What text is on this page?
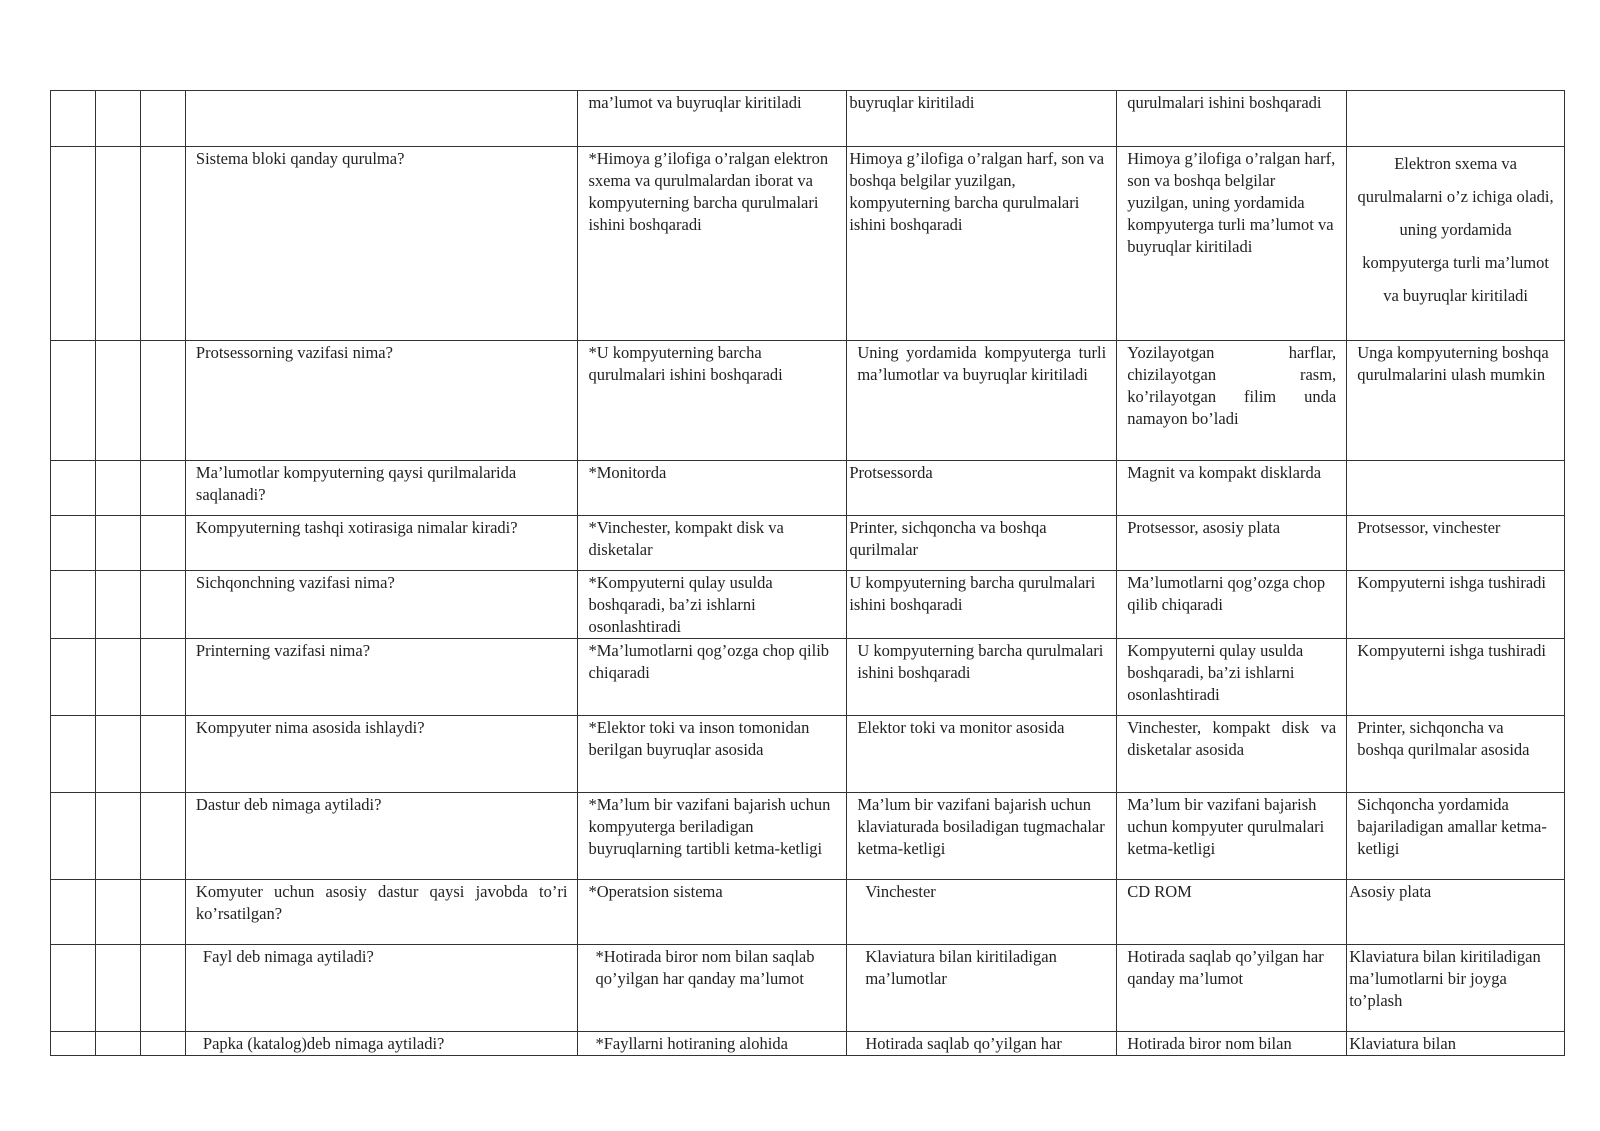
				ma’lumot va buyruqlar kiritiladi	buyruqlar kiritiladi	qurulmalari ishini boshqaradi	
			Sistema bloki qanday qurulma?	*Himoya g’ilofiga o’ralgan elektron sxema va qurulmalardan iborat va kompyuterning barcha qurulmalari ishini boshqaradi	Himoya g’ilofiga o’ralgan harf, son va boshqa belgilar yuzilgan, kompyuterning barcha qurulmalari ishini boshqaradi	Himoya g’ilofiga o’ralgan harf, son va boshqa belgilar yuzilgan, uning yordamida kompyuterga turli ma’lumot va buyruqlar kiritiladi	Elektron sxema va qurulmalarni o’z ichiga oladi, uning yordamida kompyuterga turli ma’lumot va buyruqlar kiritiladi
			Protsessorning vazifasi nima?	*U kompyuterning barcha qurulmalari ishini boshqaradi	Uning yordamida kompyuterga turli ma’lumotlar va buyruqlar kiritiladi	Yozilayotgan harflar, chizilayotgan rasm, ko’rilayotgan filim unda namayon bo’ladi	Unga kompyuterning boshqa qurulmalarini ulash mumkin
			Ma’lumotlar kompyuterning qaysi qurilmalarida saqlanadi?	*Monitorda	Protsessorda	Magnit va kompakt disklarda	
			Kompyuterning tashqi xotirasiga nimalar kiradi?	*Vinchester, kompakt disk va disketalar	Printer, sichqoncha va boshqa qurilmalar	Protsessor, asosiy plata	Protsessor, vinchester
			Sichqonchning vazifasi nima?	*Kompyuterni qulay usulda boshqaradi, ba’zi ishlarni osonlashtiradi	U kompyuterning barcha qurulmalari ishini boshqaradi	Ma’lumotlarni qog’ozga chop qilib chiqaradi	Kompyuterni ishga tushiradi
			Printerning vazifasi nima?	*Ma’lumotlarni qog’ozga chop qilib chiqaradi	U kompyuterning barcha qurulmalari ishini boshqaradi	Kompyuterni qulay usulda boshqaradi, ba’zi ishlarni osonlashtiradi	Kompyuterni ishga tushiradi
			Kompyuter nima asosida ishlaydi?	*Elektor toki va inson tomonidan berilgan buyruqlar asosida	Elektor toki va monitor asosida	Vinchester, kompakt disk va disketalar asosida	Printer, sichqoncha va boshqa qurilmalar asosida
			Dastur deb nimaga aytiladi?	*Ma’lum bir vazifani bajarish uchun kompyuterga beriladigan buyruqlarning tartibli ketma-ketligi	Ma’lum bir vazifani bajarish uchun klaviaturada bosiladigan tugmachalar ketma-ketligi	Ma’lum bir vazifani bajarish uchun kompyuter qurulmalari ketma-ketligi	Sichqoncha yordamida bajariladigan amallar ketma-ketligi
			Komyuter uchun asosiy dastur qaysi javobda to’ri ko’rsatilgan?	*Operatsion sistema	Vinchester	CD ROM	Asosiy plata
			Fayl deb nimaga aytiladi?	*Hotirada biror nom bilan saqlab qo’yilgan har qanday ma’lumot	Klaviatura bilan kiritiladigan ma’lumotlar	Hotirada saqlab qo’yilgan har qanday ma’lumot	Klaviatura bilan kiritiladigan ma’lumotlarni bir joyga to’plash
			Papka (katalog)deb nimaga aytiladi?	*Fayllarni hotiraning alohida	Hotirada saqlab qo’yilgan har	Hotirada biror nom bilan	Klaviatura bilan
